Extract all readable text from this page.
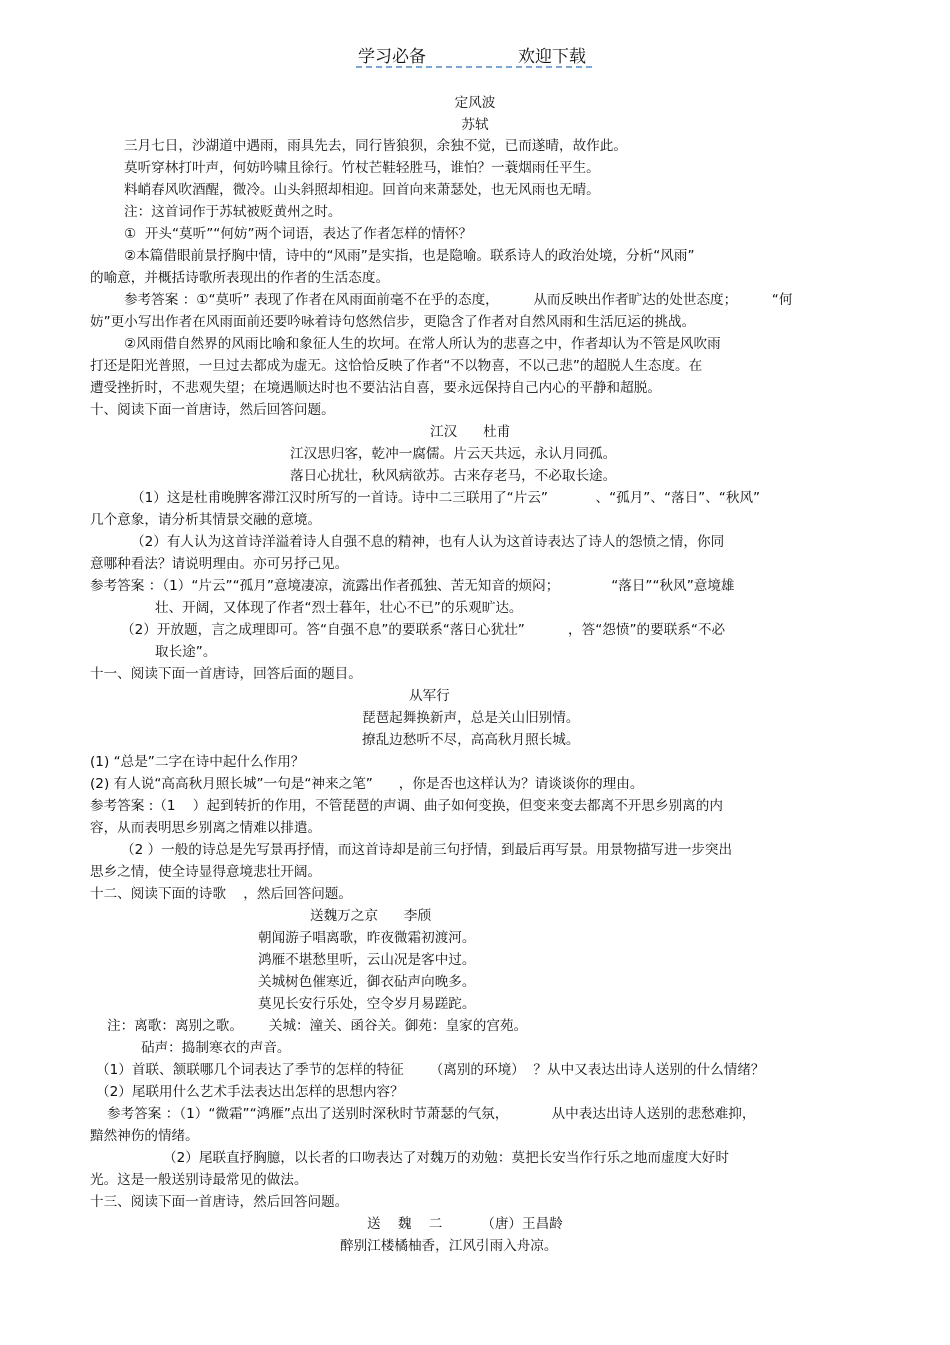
学习必备	欢迎下载
定风波
苏轼
三月七日，沙湖道中遇雨，雨具先去，同行皆狼狈，余独不觉，已而遂晴，故作此。
莫听穿林打叶声，何妨吟啸且徐行。竹杖芒鞋轻胜马，谁怕？一蓑烟雨任平生。
料峭春风吹酒醒，微冷。山头斜照却相迎。回首向来萧瑟处，也无风雨也无晴。
注：这首词作于苏轼被贬黄州之时。
①  开头“莫听”“何妨”两个词语，表达了作者怎样的情怀？
②本篇借眼前景抒胸中情，诗中的“风雨”是实指，也是隐喻。联系诗人的政治处境，分析“风雨”
的喻意，并概括诗歌所表现出的作者的生活态度。
参考答案 ：①“莫听” 表现了作者在风雨面前毫不在乎的态度，        从而反映出作者旷达的处世态度；        “何
妨”更小写出作者在风雨面前还要吟咏着诗句悠然信步，更隐含了作者对自然风雨和生活厄运的挑战。
②风雨借自然界的风雨比喻和象征人生的坎坷。在常人所认为的悲喜之中，作者却认为不管是风吹雨
打还是阳光普照，一旦过去都成为虚无。这恰恰反映了作者“不以物喜，不以己悲”的超脱人生态度。在
遭受挫折时，不悲观失望；在境遇顺达时也不要沾沾自喜，要永远保持自己内心的平静和超脱。
十、阅读下面一首唐诗，然后回答问题。
江汉      杜甫
江汉思归客，乾冲一腐儒。片云天共远，永认月同孤。
落日心扰壮，秋风病欲苏。古来存老马，不必取长途。
（1）这是杜甫晚脾客滞江汉时所写的一首诗。诗中二三联用了“片云”           、“孤月”、“落日”、“秋风”
几个意象，请分析其情景交融的意境。
（2）有人认为这首诗洋溢着诗人自强不息的精神，也有人认为这首诗表达了诗人的怨愤之情，你同
意哪种看法？请说明理由。亦可另抒己见。
参考答案 ：（1）“片云”“孤月”意境凄凉，流露出作者孤独、苦无知音的烦闷；            “落日”“秋风”意境雄
壮、开阔，又体现了作者“烈士暮年，壮心不已”的乐观旷达。
（2）开放题，言之成理即可。答“自强不息”的要联系“落日心犹壮”          ，答“怨愤”的要联系“不必
取长途”。
十一、阅读下面一首唐诗，回答后面的题目。
从军行
琵琶起舞换新声，总是关山旧别情。
撩乱边愁听不尽，高高秋月照长城。
(1) “总是”二字在诗中起什么作用？
(2) 有人说“高高秋月照长城”一句是“神来之笔”      ，你是否也这样认为？请谈谈你的理由。
参考答案 :（1    ）起到转折的作用，不管琵琶的声调、曲子如何变换，但变来变去都离不开思乡别离的内
容，从而表明思乡别离之情难以排遣。
（2 ）一般的诗总是先写景再抒情，而这首诗却是前三句抒情，到最后再写景。用景物描写进一步突出
思乡之情，使全诗显得意境悲壮开阔。
十二、阅读下面的诗歌    ，然后回答问题。
送魏万之京      李颀
朝闻游子唱离歌，昨夜微霜初渡河。
鸿雁不堪愁里听，云山况是客中过。
关城树色催寒近，御衣砧声向晚多。
莫见长安行乐处，空令岁月易蹉跎。
注：离歌：离别之歌。      关城：潼关、函谷关。御苑：皇家的宫苑。
砧声：捣制寒衣的声音。
（1）首联、颔联哪几个词表达了季节的怎样的特征      （离别的环境）  ？从中又表达出诗人送别的什么情绪？
（2）尾联用什么艺术手法表达出怎样的思想内容？
参考答案 ：（1）“微霜”“鸿雁”点出了送别时深秋时节萧瑟的气氛，          从中表达出诗人送别的悲愁难抑，
黯然神伤的情绪。
（2）尾联直抒胸臆，以长者的口吻表达了对魏万的劝勉：莫把长安当作行乐之地而虚度大好时
光。这是一般送别诗最常见的做法。
十三、阅读下面一首唐诗，然后回答问题。
送    魏    二         （唐）王昌龄
醉别江楼橘柚香，江风引雨入舟凉。
